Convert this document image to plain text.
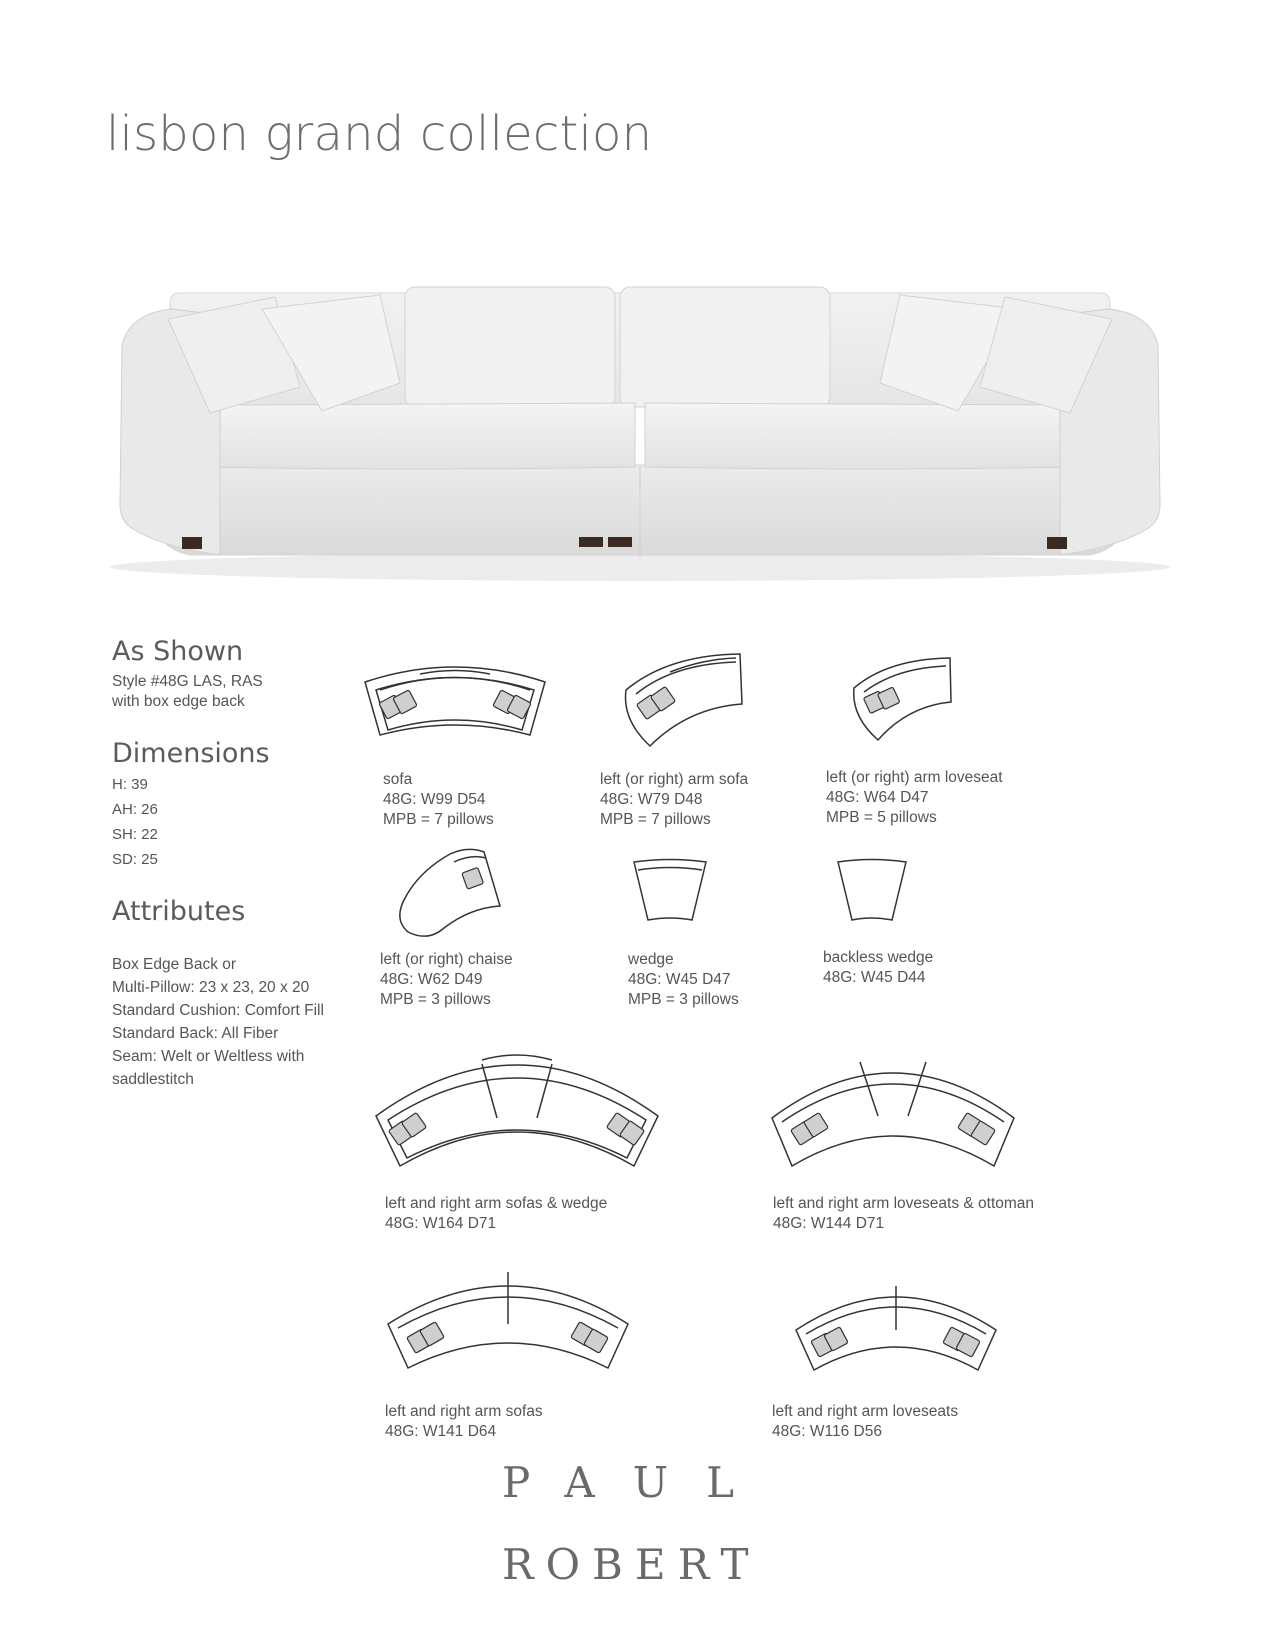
lisbon grand collection
As Shown
Style #48G LAS, RAS
with box edge back
Dimensions
H: 39
AH: 26
SH: 22
SD: 25
Attributes
Box Edge Back or
Multi-Pillow: 23 x 23, 20 x 20
Standard Cushion: Comfort Fill
Standard Back: All Fiber
Seam: Welt or Weltless with
saddlestitch
sofa
48G: W99 D54
MPB = 7 pillows
left (or right) arm sofa
48G: W79 D48
MPB = 7 pillows
left (or right) arm loveseat
48G: W64 D47
MPB = 5 pillows
left (or right) chaise
48G: W62 D49
MPB = 3 pillows
wedge
48G: W45 D47
MPB = 3 pillows
backless wedge
48G: W45 D44
left and right arm sofas & wedge
48G: W164 D71
left and right arm loveseats & ottoman
48G: W144 D71
left and right arm sofas
48G: W141 D64
left and right arm loveseats
48G: W116 D56
PAUL
ROBERT
